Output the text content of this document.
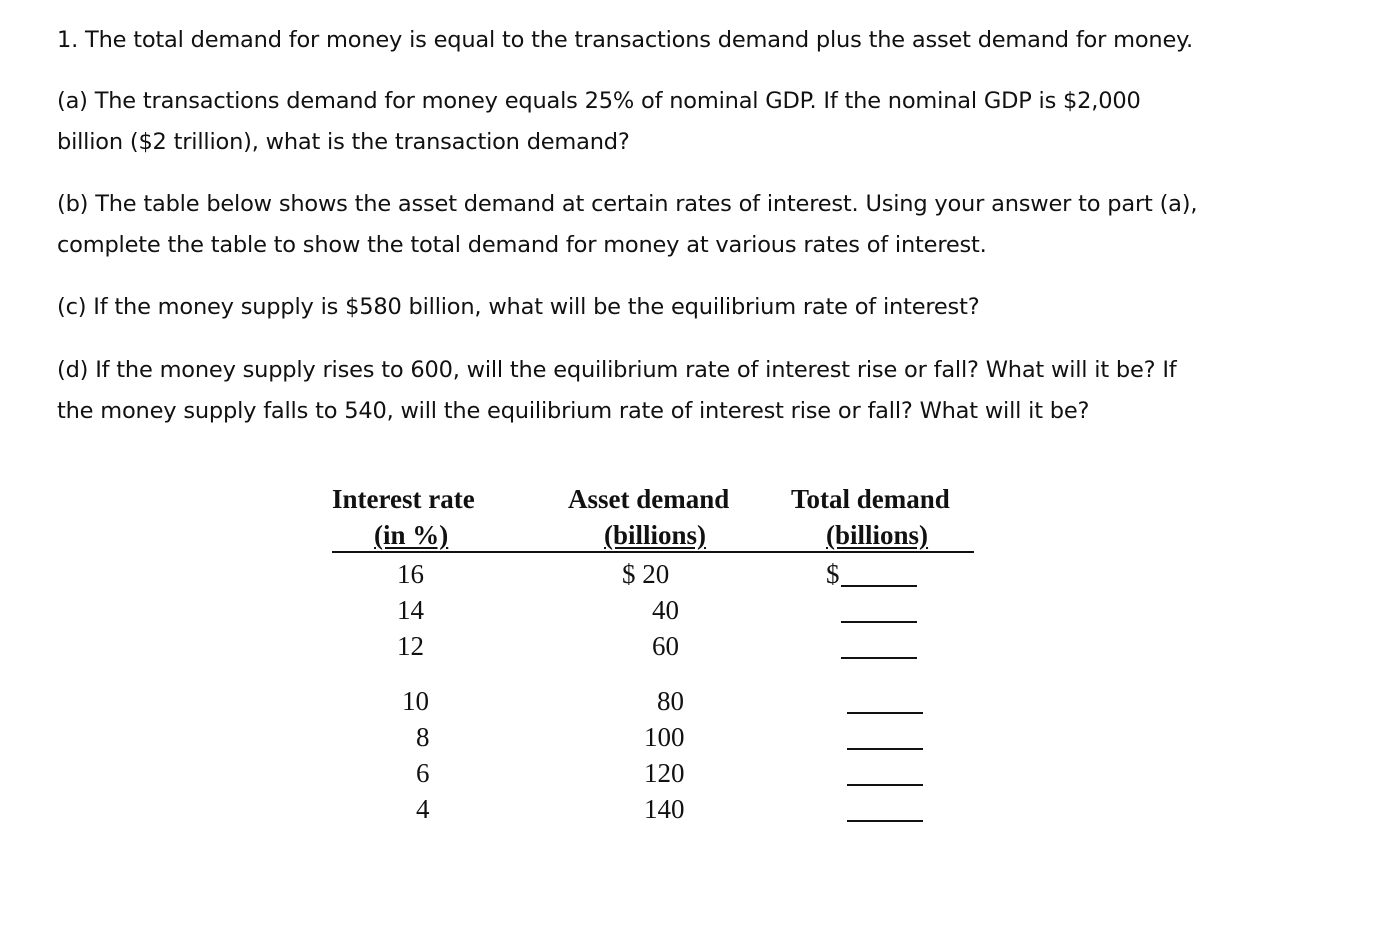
1. The total demand for money is equal to the transactions demand plus the asset demand for money.

(a) The transactions demand for money equals 25% of nominal GDP. If the nominal GDP is $2,000

billion ($2 trillion), what is the transaction demand?

(b) The table below shows the asset demand at certain rates of interest. Using your answer to part (a),

complete the table to show the total demand for money at various rates of interest.

(c) If the money supply is $580 billion, what will be the equilibrium rate of interest?

(d) If the money supply rises to 600, will the equilibrium rate of interest rise or fall? What will it be? If

the money supply falls to 540, will the equilibrium rate of interest rise or fall? What will it be?

Interest rate
(in %)
Asset demand
(billions)
Total demand
(billions)
16	$ 20	$
14	40
12	60
10	80
8	100
6	120
4	140
